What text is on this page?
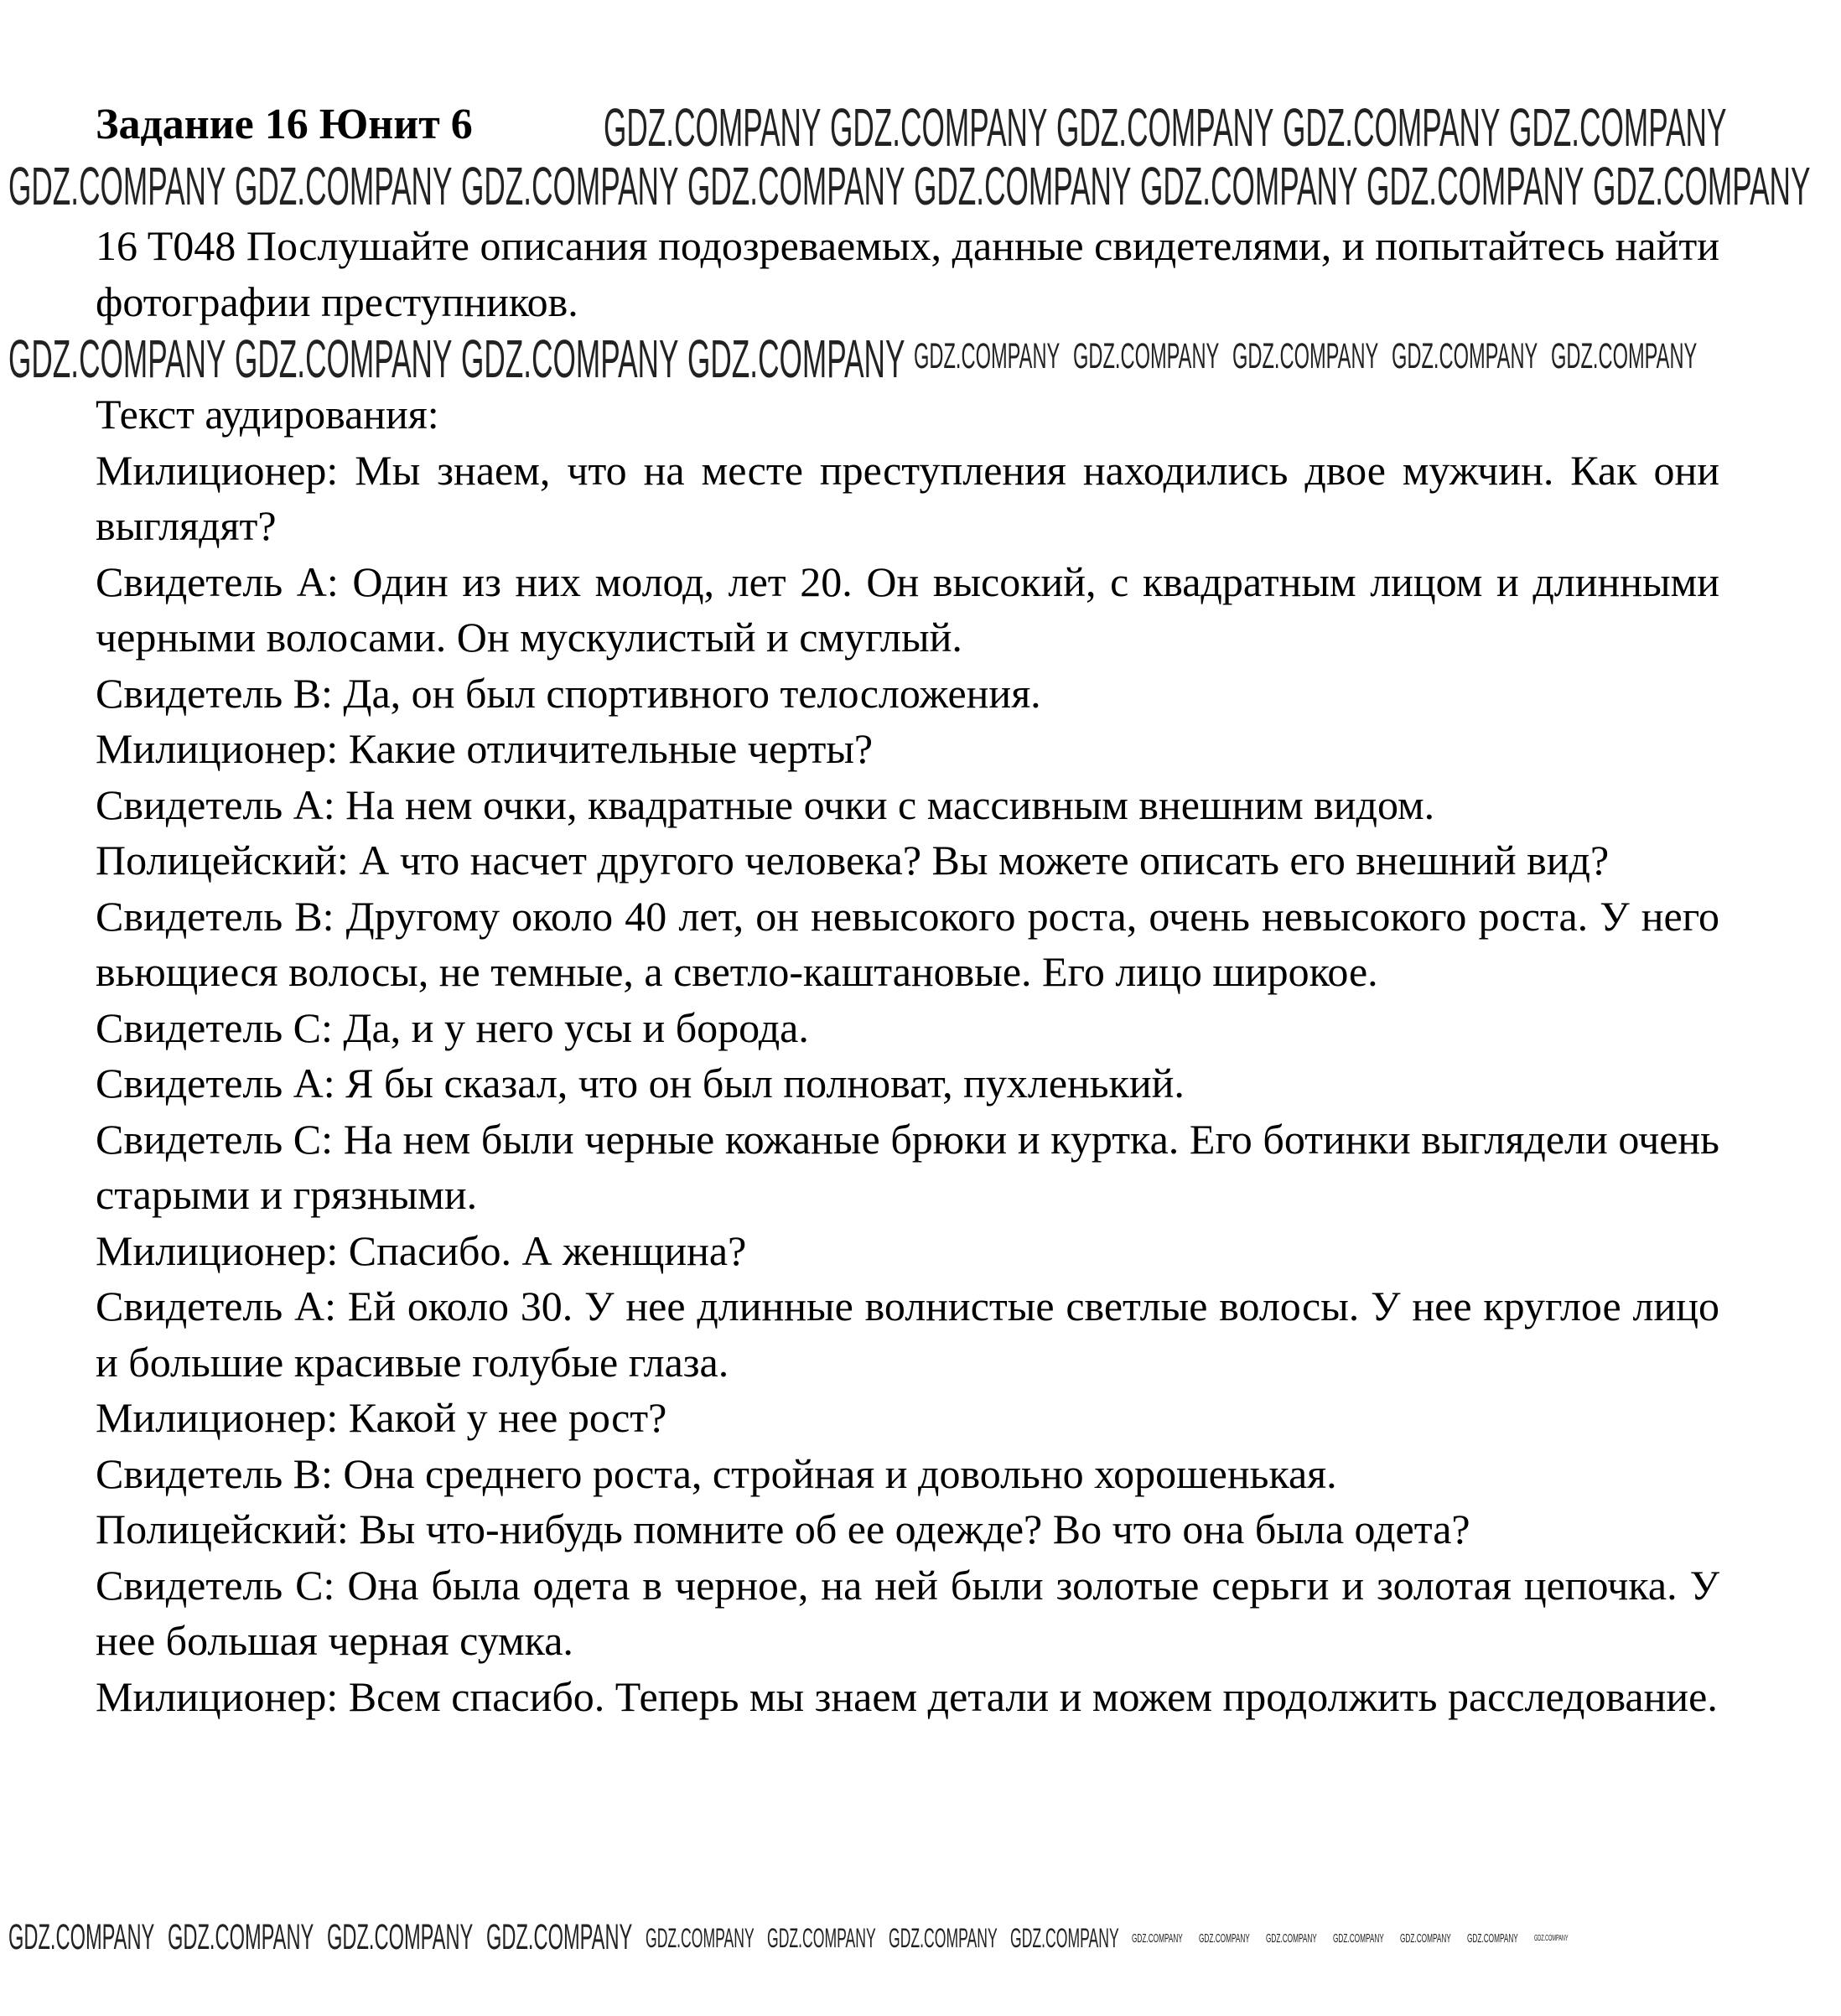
Задание 16 Юнит 6

16 T048 Послушайте описания подозреваемых, данные свидетелями, и попытайтесь найти фотографии преступников.

Текст аудирования:

Милиционер: Мы знаем, что на месте преступления находились двое мужчин. Как они выглядят?

Свидетель А: Один из них молод, лет 20. Он высокий, с квадратным лицом и длинными черными волосами. Он мускулистый и смуглый.

Свидетель В: Да, он был спортивного телосложения.

Милиционер: Какие отличительные черты?

Свидетель А: На нем очки, квадратные очки с массивным внешним видом.

Полицейский: А что насчет другого человека? Вы можете описать его внешний вид?

Свидетель В: Другому около 40 лет, он невысокого роста, очень невысокого роста. У него вьющиеся волосы, не темные, а светло-каштановые. Его лицо широкое.

Свидетель С: Да, и у него усы и борода.

Свидетель А: Я бы сказал, что он был полноват, пухленький.

Свидетель С: На нем были черные кожаные брюки и куртка. Его ботинки выглядели очень старыми и грязными.

Милиционер: Спасибо. А женщина?

Свидетель А: Ей около 30. У нее длинные волнистые светлые волосы. У нее круглое лицо и большие красивые голубые глаза.

Милиционер: Какой у нее рост?

Свидетель В: Она среднего роста, стройная и довольно хорошенькая.

Полицейский: Вы что-нибудь помните об ее одежде? Во что она была одета?

Свидетель С: Она была одета в черное, на ней были золотые серьги и золотая цепочка. У нее большая черная сумка.

Милиционер: Всем спасибо. Теперь мы знаем детали и можем продолжить расследование.

GDZ.COMPANY GDZ.COMPANY GDZ.COMPANY GDZ.COMPANY GDZ.COMPANY
GDZ.COMPANY GDZ.COMPANY GDZ.COMPANY GDZ.COMPANY GDZ.COMPANY GDZ.COMPANY GDZ.COMPANY GDZ.COMPANY
GDZ.COMPANY GDZ.COMPANY GDZ.COMPANY GDZ.COMPANY GDZ.COMPANY GDZ.COMPANY GDZ.COMPANY GDZ.COMPANY GDZ.COMPANY
GDZ.COMPANY GDZ.COMPANY GDZ.COMPANY GDZ.COMPANY GDZ.COMPANY GDZ.COMPANY GDZ.COMPANY GDZ.COMPANY GDZ.COMPANY GDZ.COMPANY GDZ.COMPANY GDZ.COMPANY GDZ.COMPANY GDZ.COMPANY GDZ.COMPANY
